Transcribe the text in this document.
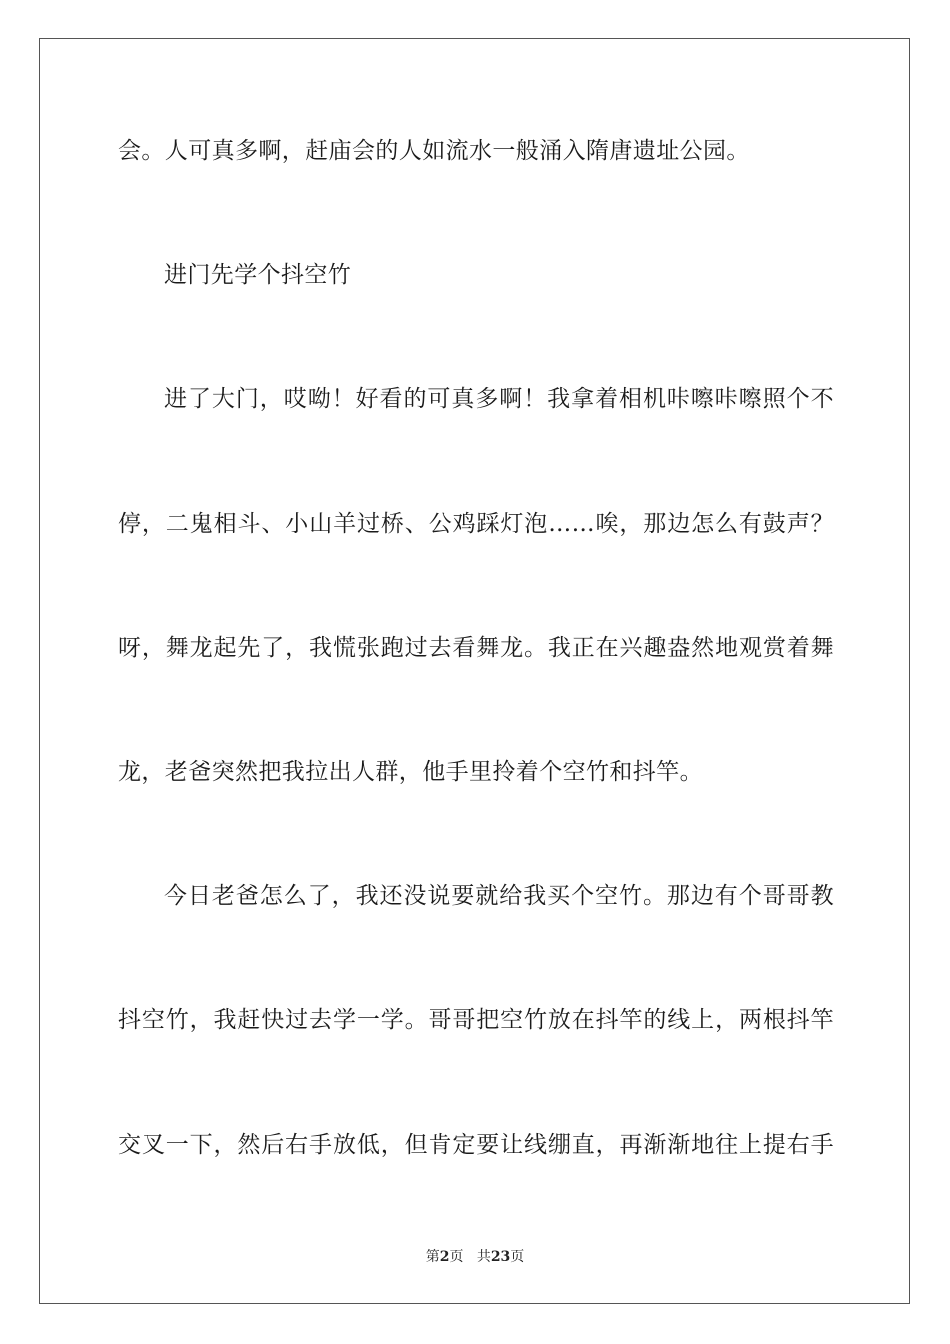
会。人可真多啊，赶庙会的人如流水一般涌入隋唐遗址公园。
进门先学个抖空竹
进了大门，哎呦！好看的可真多啊！我拿着相机咔嚓咔嚓照个不
停，二鬼相斗、小山羊过桥、公鸡踩灯泡……唉，那边怎么有鼓声？
呀，舞龙起先了，我慌张跑过去看舞龙。我正在兴趣盎然地观赏着舞
龙，老爸突然把我拉出人群，他手里拎着个空竹和抖竿。
今日老爸怎么了，我还没说要就给我买个空竹。那边有个哥哥教
抖空竹，我赶快过去学一学。哥哥把空竹放在抖竿的线上，两根抖竿
交叉一下，然后右手放低，但肯定要让线绷直，再渐渐地往上提右手
第2页 共23页
